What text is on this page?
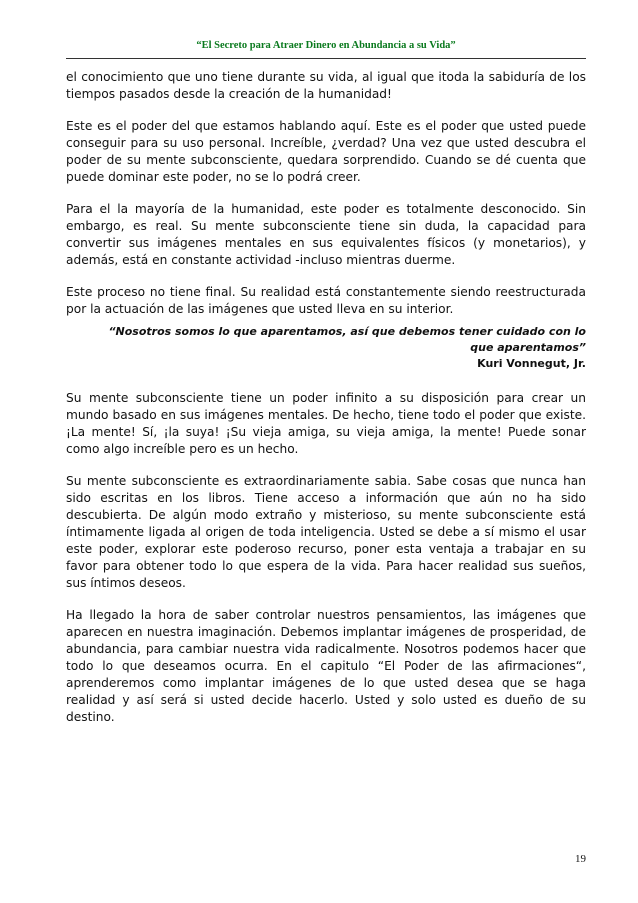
“El Secreto para Atraer Dinero en Abundancia a su Vida”

el conocimiento que uno tiene durante su vida, al igual que itoda la sabiduría de los tiempos pasados desde la creación de la humanidad!

Este es el poder del que estamos hablando aquí. Este es el poder que usted puede conseguir para su uso personal. Increíble, ¿verdad? Una vez que usted descubra el poder de su mente subconsciente, quedara sorprendido. Cuando se dé cuenta que puede dominar este poder, no se lo podrá creer.

Para el la mayoría de la humanidad, este poder es totalmente desconocido. Sin embargo, es real. Su mente subconsciente tiene sin duda, la capacidad para convertir sus imágenes mentales en sus equivalentes físicos (y monetarios), y además, está en constante actividad -incluso mientras duerme.

Este proceso no tiene final. Su realidad está constantemente siendo reestructurada por la actuación de las imágenes que usted lleva en su interior.

“Nosotros somos lo que aparentamos, así que debemos tener cuidado con lo que aparentamos”
Kuri Vonnegut, Jr.

Su mente subconsciente tiene un poder infinito a su disposición para crear un mundo basado en sus imágenes mentales. De hecho, tiene todo el poder que existe. ¡La mente! Sí, ¡la suya! ¡Su vieja amiga, su vieja amiga, la mente! Puede sonar como algo increíble pero es un hecho.

Su mente subconsciente es extraordinariamente sabia. Sabe cosas que nunca han sido escritas en los libros. Tiene acceso a información que aún no ha sido descubierta. De algún modo extraño y misterioso, su mente subconsciente está íntimamente ligada al origen de toda inteligencia. Usted se debe a sí mismo el usar este poder, explorar este poderoso recurso, poner esta ventaja a trabajar en su favor para obtener todo lo que espera de la vida. Para hacer realidad sus sueños, sus íntimos deseos.

Ha llegado la hora de saber controlar nuestros pensamientos, las imágenes que aparecen en nuestra imaginación. Debemos implantar imágenes de prosperidad, de abundancia, para cambiar nuestra vida radicalmente. Nosotros podemos hacer que todo lo que deseamos ocurra. En el capitulo “El Poder de las afirmaciones“, aprenderemos como implantar imágenes de lo que usted desea que se haga realidad y así será si usted decide hacerlo. Usted y solo usted es dueño de su destino.

19
